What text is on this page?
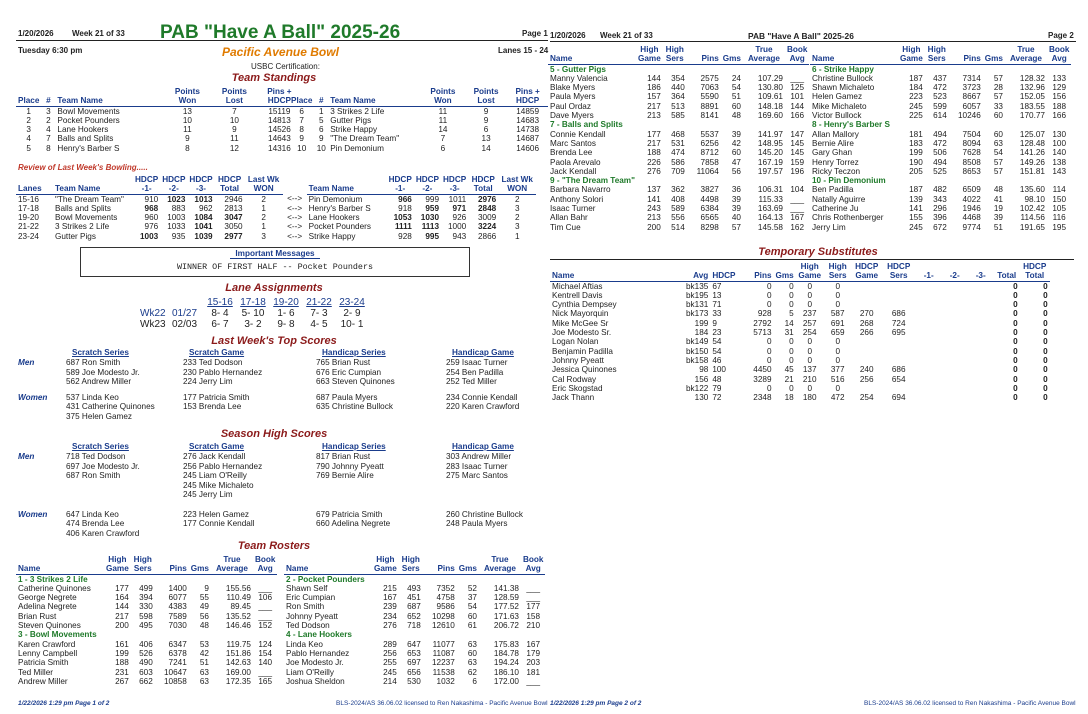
1/20/2026 Week 21 of 33 PAB "Have A Ball" 2025-26	Page 1
Tuesday 6:30 pm	Pacific Avenue Bowl	Lanes 15 - 24
USBC Certification:
Team Standings
			Points	Points	Pins +
Place	#	Team Name	Won	Lost	HDCP
1	3	Bowl Movements	13	7	15119
2	2	Pocket Pounders	10	10	14813
3	4	Lane Hookers	11	9	14526
4	7	Balls and Splits	9	11	14643
5	8	Henry's Barber S	8	12	14316
			Points	Points	Pins +
Place	#	Team Name	Won	Lost	HDCP
6	1	3 Strikes 2 Life	11	9	14859
7	5	Gutter Pigs	11	9	14683
8	6	Strike Happy	14	6	14738
9	9	"The Dream Team"	7	13	14687
10	10	Pin Demonium	6	14	14606
Review of Last Week's Bowling.....
		HDCP	HDCP	HDCP	HDCP	Last Wk			HDCP	HDCP	HDCP	HDCP	Last Wk
Lanes	Team Name	-1-	-2-	-3-	Total	WON		Team Name	-1-	-2-	-3-	Total	WON
15-16	"The Dream Team"	910	1023	1013	2946	2	<-->	Pin Demonium	966	999	1011	2976	2
17-18	Balls and Splits	968	883	962	2813	1	<-->	Henry's Barber S	918	959	971	2848	3
19-20	Bowl Movements	960	1003	1084	3047	2	<-->	Lane Hookers	1053	1030	926	3009	2
21-22	3 Strikes 2 Life	976	1033	1041	3050	1	<-->	Pocket Pounders	1111	1113	1000	3224	3
23-24	Gutter Pigs	1003	935	1039	2977	3	<-->	Strike Happy	928	995	943	2866	1
Important Messages
WINNER OF FIRST HALF -- Pocket Pounders
Lane Assignments
15-16 17-18 19-20 21-22 23-24
Wk22 01/27	8- 4	5- 10	1- 6	7- 3	2- 9
Wk23 02/03	6- 7	3- 2	9- 8	4- 5	10- 1
Last Week's Top Scores
Scratch Series	Scratch Game	Handicap Series	Handicap Game
Men	687 Ron Smith	233 Ted Dodson	765 Brian Rust	259 Isaac Turner
589 Joe Modesto Jr.	230 Pablo Hernandez	676 Eric Cumpian	254 Ben Padilla
562 Andrew Miller	224 Jerry Lim	663 Steven Quinones	252 Ted Miller
Women 537 Linda Keo	177 Patricia Smith	687 Paula Myers	234 Connie Kendall
431 Catherine Quinones	153 Brenda Lee	635 Christine Bullock	220 Karen Crawford
375 Helen Gamez
Season High Scores
Scratch Series	Scratch Game	Handicap Series	Handicap Game
Men	718 Ted Dodson	276 Jack Kendall	817 Brian Rust	303 Andrew Miller
697 Joe Modesto Jr.	256 Pablo Hernandez	790 Johnny Pyeatt	283 Isaac Turner
687 Ron Smith	245 Liam O'Reilly	769 Bernie Alire	275 Marc Santos
245 Mike Michaleto
245 Jerry Lim
Women 647 Linda Keo	223 Helen Gamez	679 Patricia Smith	260 Christine Bullock
474 Brenda Lee	177 Connie Kendall	660 Adelina Negrete	248 Paula Myers
406 Karen Crawford
Team Rosters
	High	High			True	Book
Name	Game	Sers	Pins	Gms	Average	Avg
1 - 3 Strikes 2 Life						
Catherine Quinones	177	499	1400	9	155.56	___
George Negrete	164	394	6077	55	110.49	106
Adelina Negrete	144	330	4383	49	89.45	___
Brian Rust	217	598	7589	56	135.52	___
Steven Quinones	200	495	7030	48	146.46	152
3 - Bowl Movements						
Karen Crawford	161	406	6347	53	119.75	124
Lenny Campbell	199	526	6378	42	151.86	154
Patricia Smith	188	490	7241	51	142.63	140
Ted Miller	231	603	10647	63	169.00	___
Andrew Miller	267	662	10858	63	172.35	165
	High	High			True	Book
Name	Game	Sers	Pins	Gms	Average	Avg
2 - Pocket Pounders						
Shawn Self	215	493	7352	52	141.38	___
Eric Cumpian	167	451	4758	37	128.59	___
Ron Smith	239	687	9586	54	177.52	177
Johnny Pyeatt	234	652	10298	60	171.63	158
Ted Dodson	276	718	12610	61	206.72	210
4 - Lane Hookers						
Linda Keo	289	647	11077	63	175.83	167
Pablo Hernandez	256	653	11087	60	184.78	179
Joe Modesto Jr.	255	697	12237	63	194.24	203
Liam O'Reilly	245	656	11538	62	186.10	181
Joshua Sheldon	214	530	1032	6	172.00	___
1/22/2026 1:29 pm Page 1 of 2	BLS-2024/AS 36.06.02 licensed to Ren Nakashima - Pacific Avenue Bowl
1/20/2026 Week 21 of 33	PAB "Have A Ball" 2025-26	Page 2
	High	High			True	Book
Name	Game	Sers	Pins	Gms	Average	Avg
5 - Gutter Pigs						
Manny Valencia	144	354	2575	24	107.29	___
Blake Myers	186	440	7063	54	130.80	125
Paula Myers	157	364	5590	51	109.61	101
Paul Ordaz	217	513	8891	60	148.18	144
Dave Myers	213	585	8141	48	169.60	166
7 - Balls and Splits						
Connie Kendall	177	468	5537	39	141.97	147
Marc Santos	217	531	6256	42	148.95	145
Brenda Lee	188	474	8712	60	145.20	145
Paola Arevalo	226	586	7858	47	167.19	159
Jack Kendall	276	709	11064	56	197.57	196
9 - "The Dream Team"						
Barbara Navarro	137	362	3827	36	106.31	104
Anthony Solori	141	408	4498	39	115.33	___
Isaac Turner	243	589	6384	39	163.69	___
Allan Bahr	213	556	6565	40	164.13	167
Tim Cue	200	514	8298	57	145.58	162
	High	High			True	Book
Name	Game	Sers	Pins	Gms	Average	Avg
6 - Strike Happy						
Christine Bullock	187	437	7314	57	128.32	133
Shawn Michaleto	184	472	3723	28	132.96	129
Helen Gamez	223	523	8667	57	152.05	156
Mike Michaleto	245	599	6057	33	183.55	188
Victor Bullock	225	614	10246	60	170.77	166
8 - Henry's Barber S						
Allan Mallory	181	494	7504	60	125.07	130
Bernie Alire	183	472	8094	63	128.48	100
Gary Ghan	199	506	7628	54	141.26	140
Henry Torrez	190	494	8508	57	149.26	138
Ricky Teczon	205	525	8653	57	151.81	143
10 - Pin Demonium						
Ben Padilla	187	482	6509	48	135.60	114
Natally Aguirre	139	343	4022	41	98.10	150
Catherine Ju	141	296	1946	19	102.42	105
Chris Rothenberger	155	396	4468	39	114.56	116
Jerry Lim	245	672	9774	51	191.65	195
Temporary Substitutes
					High	High	HDCP	HDCP					HDCP
Name	Avg	HDCP	Pins	Gms	Game	Sers	Game	Sers	-1-	-2-	-3-	Total	Total
Michael Aftias	bk135	67	0	0	0	0						0	0
Kentrell Davis	bk195	13	0	0	0	0						0	0
Cynthia Dempsey	bk131	71	0	0	0	0						0	0
Nick Mayorquin	bk173	33	928	5	237	587	270	686				0	0
Mike McGee Sr	199	9	2792	14	257	691	268	724				0	0
Joe Modesto Sr.	184	23	5713	31	254	659	266	695				0	0
Logan Nolan	bk149	54	0	0	0	0						0	0
Benjamin Padilla	bk150	54	0	0	0	0						0	0
Johnny Pyeatt	bk158	46	0	0	0	0						0	0
Jessica Quinones	98	100	4450	45	137	377	240	686				0	0
Cal Rodway	156	48	3289	21	210	516	256	654				0	0
Eric Skogstad	bk122	79	0	0	0	0						0	0
Jack Thann	130	72	2348	18	180	472	254	694				0	0
1/22/2026 1:29 pm Page 2 of 2	BLS-2024/AS 36.06.02 licensed to Ren Nakashima - Pacific Avenue Bowl
